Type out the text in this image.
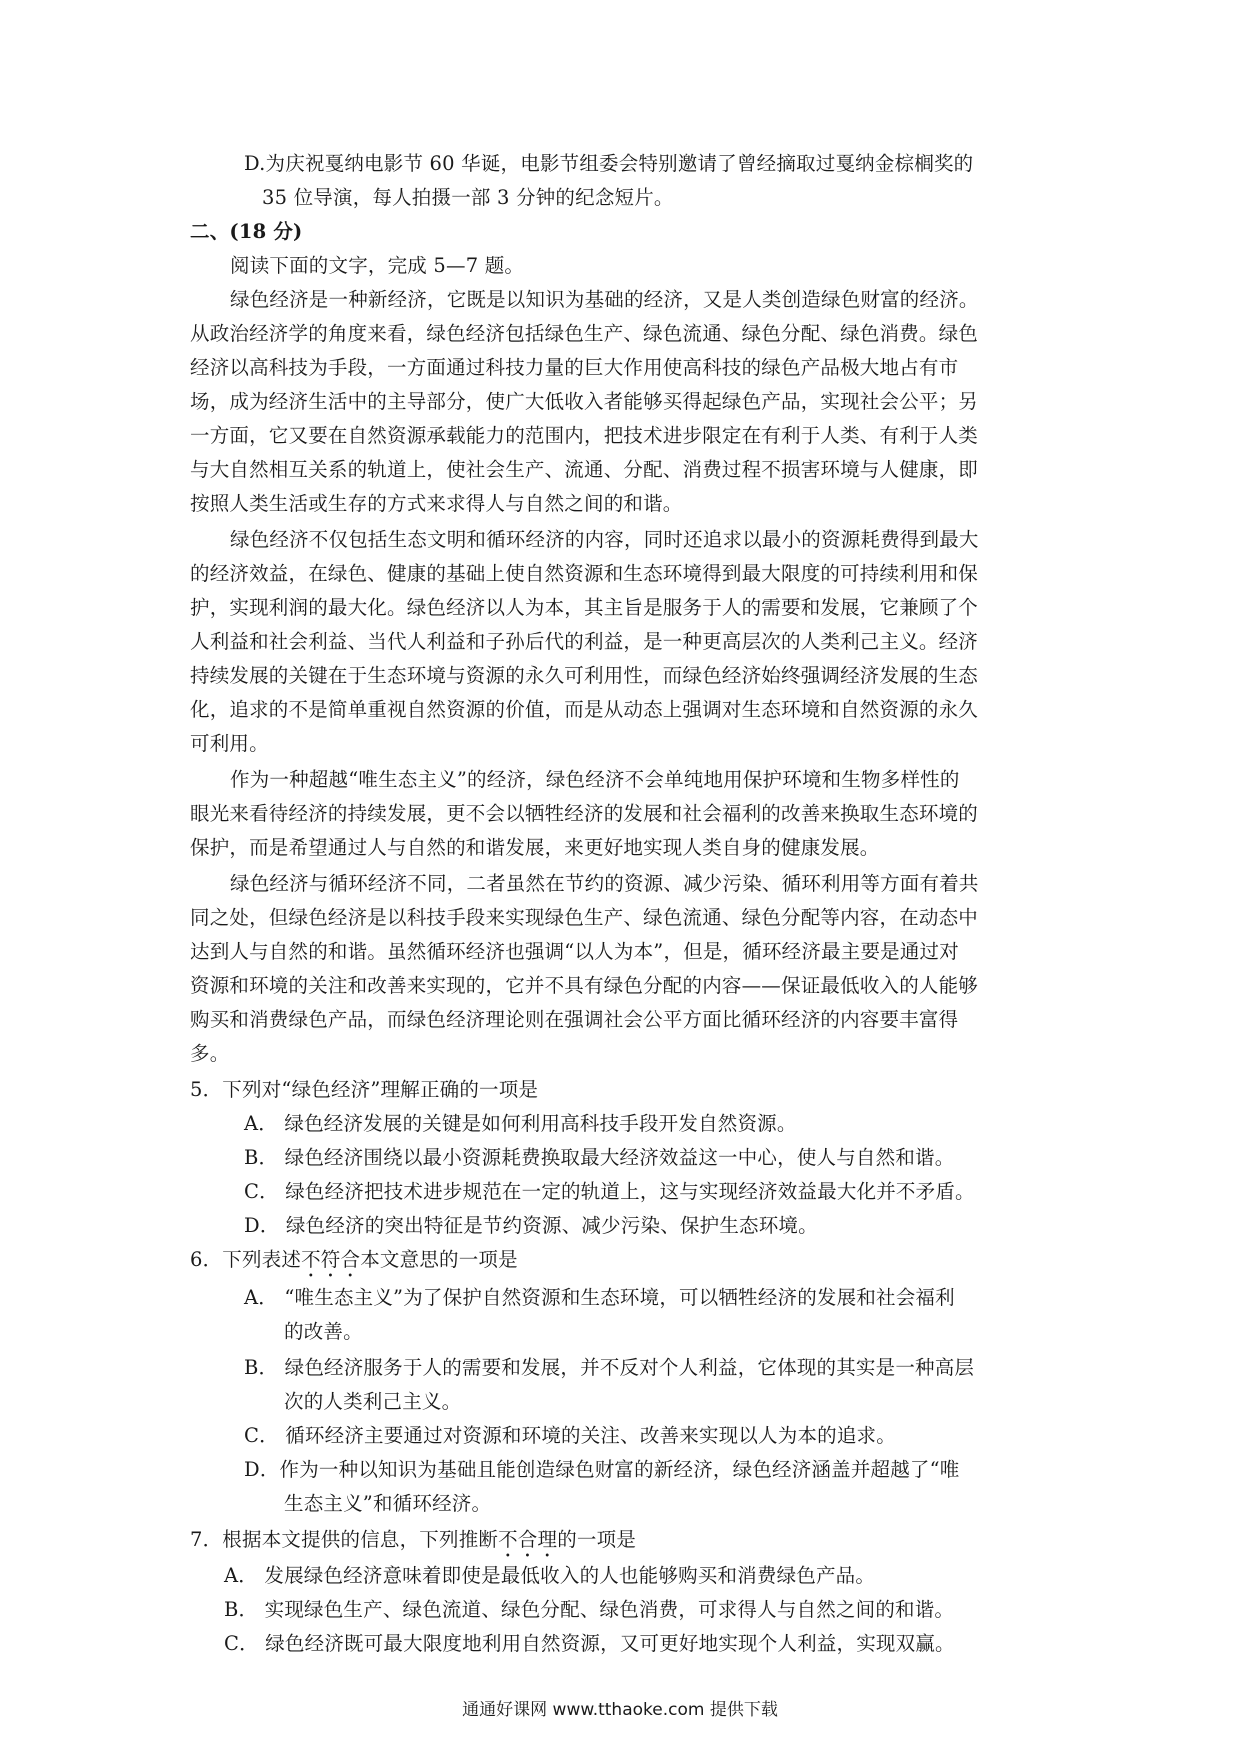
D.为庆祝戛纳电影节 60 华诞，电影节组委会特别邀请了曾经摘取过戛纳金棕榈奖的
35 位导演，每人拍摄一部 3 分钟的纪念短片。
二、(18 分)
阅读下面的文字，完成 5—7 题。
绿色经济是一种新经济，它既是以知识为基础的经济，又是人类创造绿色财富的经济。
从政治经济学的角度来看，绿色经济包括绿色生产、绿色流通、绿色分配、绿色消费。绿色
经济以高科技为手段，一方面通过科技力量的巨大作用使高科技的绿色产品极大地占有市
场，成为经济生活中的主导部分，使广大低收入者能够买得起绿色产品，实现社会公平；另
一方面，它又要在自然资源承载能力的范围内，把技术进步限定在有利于人类、有利于人类
与大自然相互关系的轨道上，使社会生产、流通、分配、消费过程不损害环境与人健康，即
按照人类生活或生存的方式来求得人与自然之间的和谐。
绿色经济不仅包括生态文明和循环经济的内容，同时还追求以最小的资源耗费得到最大
的经济效益，在绿色、健康的基础上使自然资源和生态环境得到最大限度的可持续利用和保
护，实现利润的最大化。绿色经济以人为本，其主旨是服务于人的需要和发展，它兼顾了个
人利益和社会利益、当代人利益和子孙后代的利益，是一种更高层次的人类利己主义。经济
持续发展的关键在于生态环境与资源的永久可利用性，而绿色经济始终强调经济发展的生态
化，追求的不是简单重视自然资源的价值，而是从动态上强调对生态环境和自然资源的永久
可利用。
作为一种超越“唯生态主义”的经济，绿色经济不会单纯地用保护环境和生物多样性的
眼光来看待经济的持续发展，更不会以牺牲经济的发展和社会福利的改善来换取生态环境的
保护，而是希望通过人与自然的和谐发展，来更好地实现人类自身的健康发展。
绿色经济与循环经济不同，二者虽然在节约的资源、减少污染、循环利用等方面有着共
同之处，但绿色经济是以科技手段来实现绿色生产、绿色流通、绿色分配等内容，在动态中
达到人与自然的和谐。虽然循环经济也强调“以人为本”，但是，循环经济最主要是通过对
资源和环境的关注和改善来实现的，它并不具有绿色分配的内容——保证最低收入的人能够
购买和消费绿色产品，而绿色经济理论则在强调社会公平方面比循环经济的内容要丰富得
多。
5．下列对“绿色经济”理解正确的一项是
A． 绿色经济发展的关键是如何利用高科技手段开发自然资源。
B． 绿色经济围绕以最小资源耗费换取最大经济效益这一中心，使人与自然和谐。
C． 绿色经济把技术进步规范在一定的轨道上，这与实现经济效益最大化并不矛盾。
D． 绿色经济的突出特征是节约资源、减少污染、保护生态环境。
6．下列表述不符合本文意思的一项是
A． “唯生态主义”为了保护自然资源和生态环境，可以牺牲经济的发展和社会福利
的改善。
B． 绿色经济服务于人的需要和发展，并不反对个人利益，它体现的其实是一种高层
次的人类利己主义。
C． 循环经济主要通过对资源和环境的关注、改善来实现以人为本的追求。
D．作为一种以知识为基础且能创造绿色财富的新经济，绿色经济涵盖并超越了“唯
生态主义”和循环经济。
7．根据本文提供的信息，下列推断不合理的一项是
A． 发展绿色经济意味着即使是最低收入的人也能够购买和消费绿色产品。
B． 实现绿色生产、绿色流道、绿色分配、绿色消费，可求得人与自然之间的和谐。
C． 绿色经济既可最大限度地利用自然资源，又可更好地实现个人利益，实现双赢。
通通好课网 www.tthaoke.com 提供下载
